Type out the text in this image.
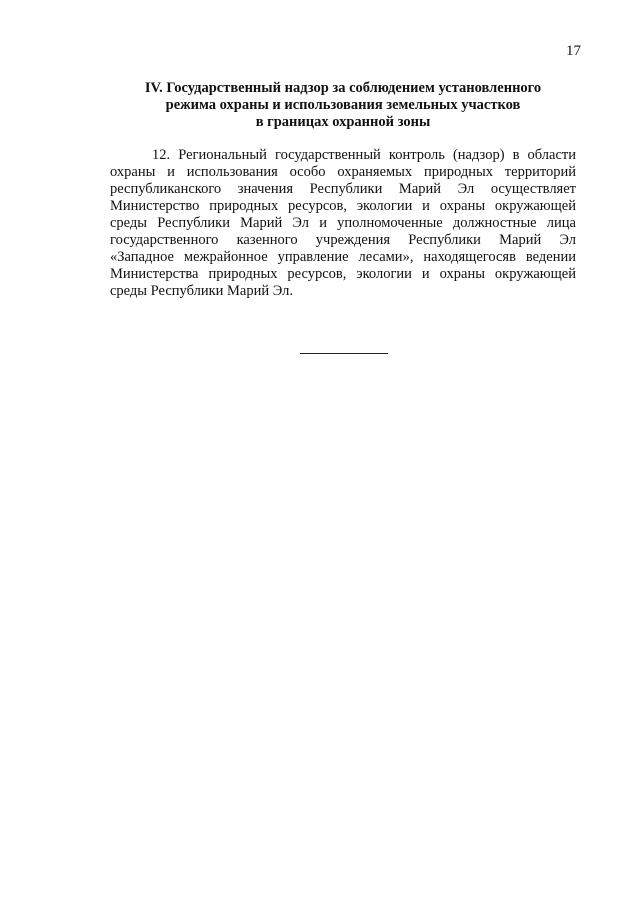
17
IV. Государственный надзор за соблюдением установленного
режима охраны и использования земельных участков
в границах охранной зоны
12. Региональный государственный контроль (надзор) в области
охраны и использования особо охраняемых природных территорий
республиканского значения Республики Марий Эл осуществляет
Министерство природных ресурсов, экологии и охраны окружающей
среды Республики Марий Эл и уполномоченные должностные лица
государственного казенного учреждения Республики Марий Эл
«Западное межрайонное управление лесами», находящегосяв ведении
Министерства природных ресурсов, экологии и охраны окружающей
среды Республики Марий Эл.
